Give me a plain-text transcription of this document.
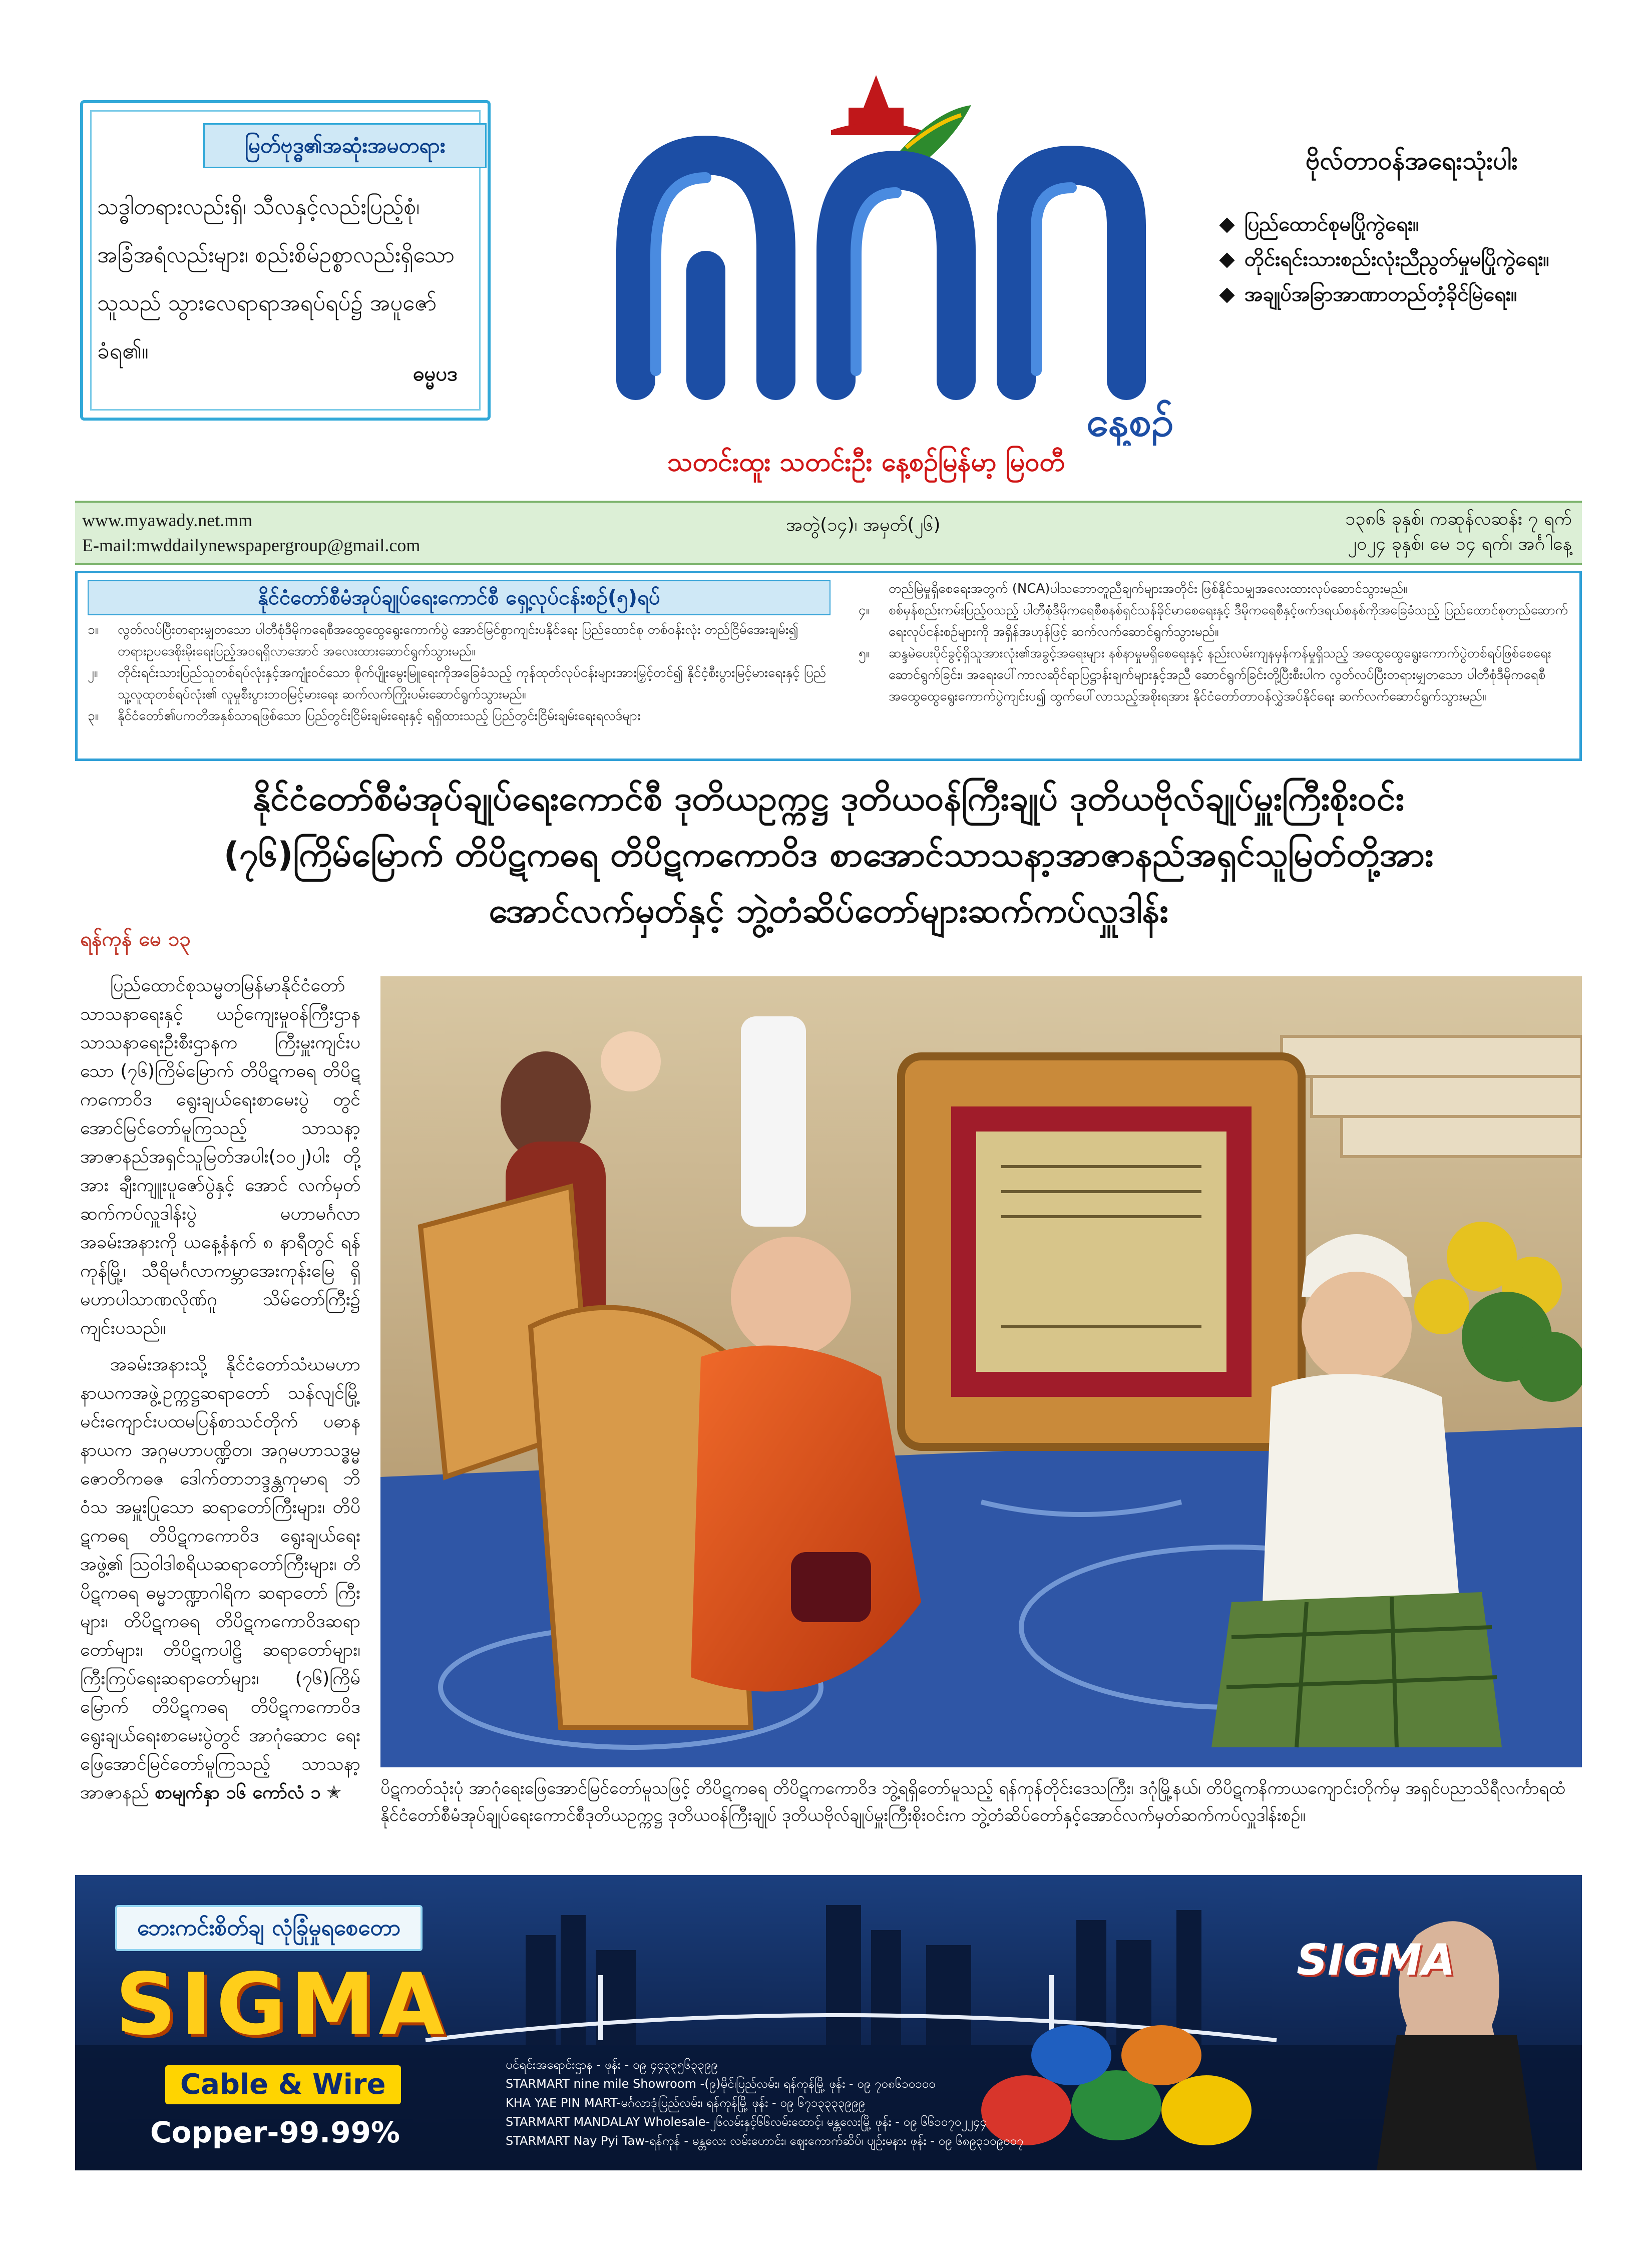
မြတ်ဗုဒ္ဓ၏အဆုံးအမတရား
သဒ္ဓါတရားလည်းရှိ၊ သီလနှင့်လည်းပြည့်စုံ၊
အခြံအရံလည်းများ၊ စည်းစိမ်ဥစ္စာလည်းရှိသော
သူသည် သွားလေရာရာအရပ်ရပ်၌ အပူဇော်
ခံရ၏။
ဓမ္မပဒ
နေ့စဉ်
သတင်းထူး သတင်းဦး နေ့စဉ်မြန်မာ့ မြဝတီ
ဗိုလ်တာဝန်အရေးသုံးပါး
ပြည်ထောင်စုမပြိုကွဲရေး။
တိုင်းရင်းသားစည်းလုံးညီညွတ်မှုမပြိုကွဲရေး။
အချုပ်အခြာအာဏာတည်တံ့ခိုင်မြဲရေး။
www.myawady.net.mm
E-mail:mwddailynewspapergroup@gmail.com
အတွဲ(၁၄)၊ အမှတ်(၂၆)	၁၃၈၆ ခုနှစ်၊ ကဆုန်လဆန်း ၇ ရက်
၂၀၂၄ ခုနှစ်၊ မေ ၁၄ ရက်၊ အင်္ဂါနေ့
နိုင်ငံတော်စီမံအုပ်ချုပ်ရေးကောင်စီ ရှေ့လုပ်ငန်းစဉ်(၅)ရပ်
၁။	လွတ်လပ်ပြီးတရားမျှတသော ပါတီစုံဒီမိုကရေစီအထွေထွေရွေးကောက်ပွဲ အောင်မြင်စွာကျင်းပနိုင်ရေး ပြည်ထောင်စု တစ်ဝန်းလုံး တည်ငြိမ်အေးချမ်း၍ တရားဥပဒေစိုးမိုးရေးပြည့်အဝရရှိလာအောင် အလေးထားဆောင်ရွက်သွားမည်။
၂။	တိုင်းရင်းသားပြည်သူတစ်ရပ်လုံးနှင့်အကျုံးဝင်သော စိုက်ပျိုးမွေးမြူရေးကိုအခြေခံသည့် ကုန်ထုတ်လုပ်ငန်းများအားမြှင့်တင်၍ နိုင်ငံ့စီးပွားမြင့်မားရေးနှင့် ပြည်သူ့လူထုတစ်ရပ်လုံး၏ လူမှုစီးပွားဘဝမြင့်မားရေး ဆက်လက်ကြိုးပမ်းဆောင်ရွက်သွားမည်။
၃။	နိုင်ငံတော်၏ပကတိအနှစ်သာရဖြစ်သော ပြည်တွင်းငြိမ်းချမ်းရေးနှင့် ရရှိထားသည့် ပြည်တွင်းငြိမ်းချမ်းရေးရလဒ်များ
တည်မြဲမှုရှိစေရေးအတွက် (NCA)ပါသဘောတူညီချက်များအတိုင်း ဖြစ်နိုင်သမျှအလေးထားလုပ်ဆောင်သွားမည်။
၄။	စစ်မှန်စည်းကမ်းပြည့်ဝသည့် ပါတီစုံဒီမိုကရေစီစနစ်ရှင်သန်ခိုင်မာစေရေးနှင့် ဒီမိုကရေစီနှင့်ဖက်ဒရယ်စနစ်ကိုအခြေခံသည့် ပြည်ထောင်စုတည်ဆောက်ရေးလုပ်ငန်းစဉ်များကို အရှိန်အဟုန်ဖြင့် ဆက်လက်ဆောင်ရွက်သွားမည်။
၅။	ဆန္ဒမဲပေးပိုင်ခွင့်ရှိသူအားလုံး၏အခွင့်အရေးများ နစ်နာမှုမရှိစေရေးနှင့် နည်းလမ်းကျနမှန်ကန်မှုရှိသည့် အထွေထွေရွေးကောက်ပွဲတစ်ရပ်ဖြစ်စေရေးဆောင်ရွက်ခြင်း၊ အရေးပေါ်ကာလဆိုင်ရာပြဋ္ဌာန်းချက်များနှင့်အညီ ဆောင်ရွက်ခြင်းတို့ပြီးစီးပါက လွတ်လပ်ပြီးတရားမျှတသော ပါတီစုံဒီမိုကရေစီအထွေထွေရွေးကောက်ပွဲကျင်းပ၍ ထွက်ပေါ်လာသည့်အစိုးရအား နိုင်ငံတော်တာဝန်လွှဲအပ်နိုင်ရေး ဆက်လက်ဆောင်ရွက်သွားမည်။
နိုင်ငံတော်စီမံအုပ်ချုပ်ရေးကောင်စီ ဒုတိယဥက္ကဋ္ဌ ဒုတိယဝန်ကြီးချုပ် ဒုတိယဗိုလ်ချုပ်မှူးကြီးစိုးဝင်း
(၇၆)ကြိမ်မြောက် တိပိဋကဓရ တိပိဋကကောဝိဒ စာအောင်သာသနာ့အာဇာနည်အရှင်သူမြတ်တို့အား
အောင်လက်မှတ်နှင့် ဘွဲ့တံဆိပ်တော်များဆက်ကပ်လှူဒါန်း
ရန်ကုန် မေ ၁၃

ပြည်ထောင်စုသမ္မတမြန်မာနိုင်ငံတော် သာသနာရေးနှင့် ယဉ်ကျေးမှုဝန်ကြီးဌာန သာသနာရေးဦးစီးဌာနက ကြီးမှူးကျင်းပ သော (၇၆)ကြိမ်မြောက် တိပိဋကဓရ တိပိဋကကောဝိဒ ရွေးချယ်ရေးစာမေးပွဲ တွင် အောင်မြင်တော်မူကြသည့် သာသနာ့ အာဇာနည်အရှင်သူမြတ်အပါး(၁၀၂)ပါး တို့အား ချီးကျူးပူဇော်ပွဲနှင့် အောင် လက်မှတ်ဆက်ကပ်လှူဒါန်းပွဲ မဟာမင်္ဂလာ အခမ်းအနားကို ယနေ့နံနက် ၈ နာရီတွင် ရန်ကုန်မြို့၊ သီရိမင်္ဂလာကမ္ဘာအေးကုန်းမြေ ရှိ မဟာပါသာဏလိုဏ်ဂူ သိမ်တော်ကြီး၌ ကျင်းပသည်။

အခမ်းအနားသို့ နိုင်ငံတော်သံဃမဟာ နာယကအဖွဲ့ဥက္ကဋ္ဌဆရာတော် သန်လျင်မြို့ မင်းကျောင်းပထမပြန်စာသင်တိုက် ပဓာန နာယက အဂ္ဂမဟာပဏ္ဍိတ၊ အဂ္ဂမဟာသဒ္ဓမ္မ ဇောတိကဓဇ ဒေါက်တာဘဒ္ဒန္တကုမာရ ဘိဝံသ အမှူးပြုသော ဆရာတော်ကြီးများ၊ တိပိဋကဓရ တိပိဋကကောဝိဒ ရွေးချယ်ရေး အဖွဲ့၏ ဩဝါဒါစရိယဆရာတော်ကြီးများ၊ တိပိဋကဓရ ဓမ္မဘဏ္ဍာဂါရိက ဆရာတော် ကြီးများ၊ တိပိဋကဓရ တိပိဋကကောဝိဒဆရာ တော်များ၊ တိပိဋကပါဠိ ဆရာတော်များ၊ ကြီးကြပ်ရေးဆရာတော်များ၊ (၇၆)ကြိမ် မြောက် တိပိဋကဓရ တိပိဋကကောဝိဒ ရွေးချယ်ရေးစာမေးပွဲတွင် အာဂုံဆောင ရေးဖြေအောင်မြင်တော်မူကြသည့် သာသနာ့ အာဇာနည် စာမျက်နှာ ၁၆ ကော်လံ ၁ ✭	ပိဋကတ်သုံးပုံ အာဂုံရေးဖြေအောင်မြင်တော်မူသဖြင့် တိပိဋကဓရ တိပိဋကကောဝိဒ ဘွဲ့ရရှိတော်မူသည့် ရန်ကုန်တိုင်းဒေသကြီး၊ ဒဂုံမြို့နယ်၊ တိပိဋကနိကာယကျောင်းတိုက်မှ အရှင်ပညာသိရီလင်္ကာရထံ နိုင်ငံတော်စီမံအုပ်ချုပ်ရေးကောင်စီဒုတိယဥက္ကဋ္ဌ ဒုတိယဝန်ကြီးချုပ် ဒုတိယဗိုလ်ချုပ်မှူးကြီးစိုးဝင်းက ဘွဲ့တံဆိပ်တော်နှင့်အောင်လက်မှတ်ဆက်ကပ်လှူဒါန်းစဉ်။
ဘေးကင်းစိတ်ချ လုံခြုံမှုရစေတော
SIGMA
Cable & Wire
Copper-99.99%
SIGMA
ပင်ရင်းအရောင်းဌာန - ဖုန်း - ၀၉ ၄၄၃၃၅၆၃၃၉၉
STARMART nine mile Showroom -(၉)မိုင်၊ပြည်လမ်း၊ ရန်ကုန်မြို့ ဖုန်း - ၀၉ ၇၀၈၆၁၀၁၀၀
KHA YAE PIN MART-မင်္ဂလာဒုံ၊ပြည်လမ်း၊ ရန်ကုန်မြို့ ဖုန်း - ၀၉ ၆၇၁၃၃၃၃၉၉၉
STARMART MANDALAY Wholesale-၂၆လမ်းနှင့်၆၆လမ်းထောင့်၊ မန္တလေးမြို့ ဖုန်း - ၀၉ ၆၆၁၀၇၀၂၂၄၄
STARMART Nay Pyi Taw-ရန်ကုန် - မန္တလေး လမ်းဟောင်း၊ ဈေးကောက်ဆိပ်၊ ပျဉ်းမနား ဖုန်း - ၀၉ ၆၈၉၃၁၀၉၀၀၇
